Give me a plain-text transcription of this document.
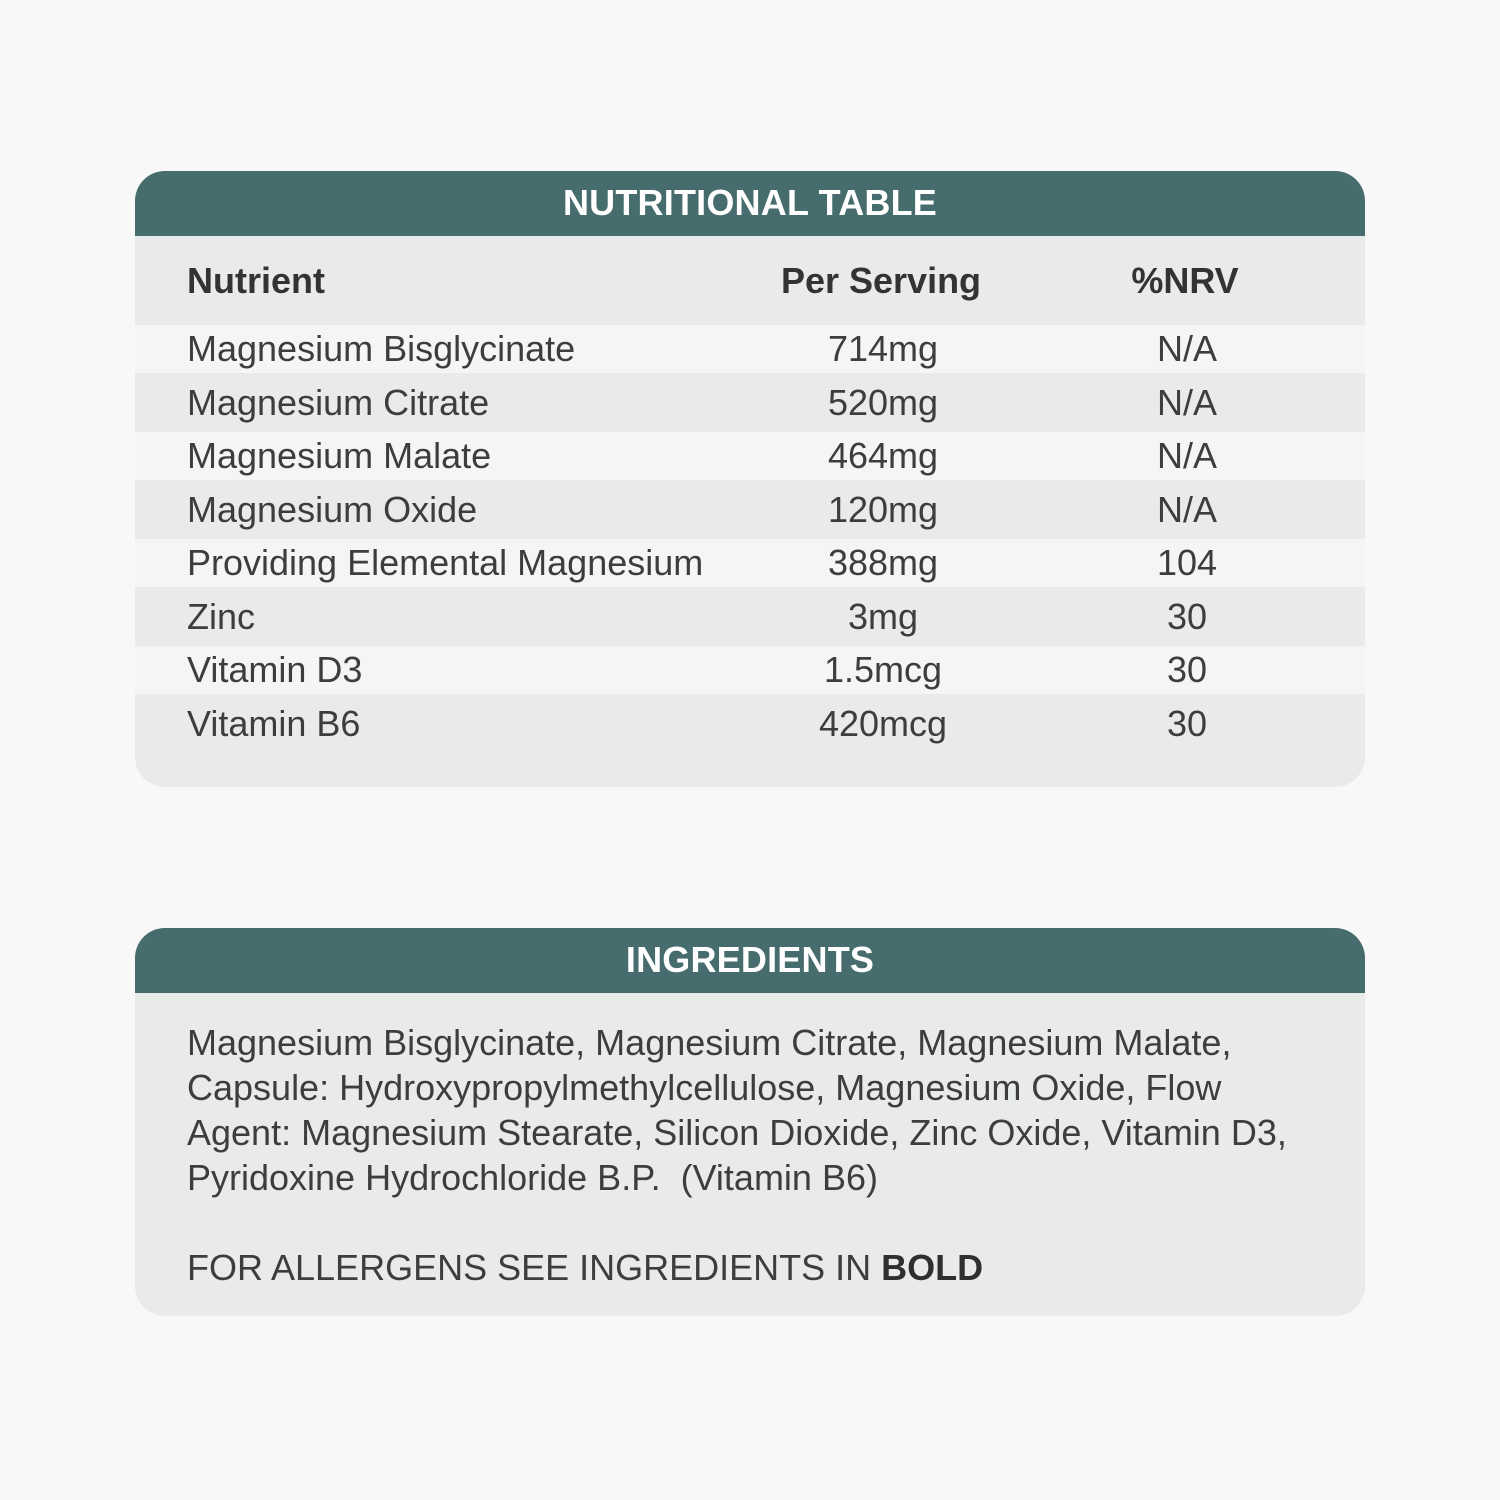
NUTRITIONAL TABLE
Nutrient	Per Serving	%NRV
Magnesium Bisglycinate	714mg	N/A
Magnesium Citrate	520mg	N/A
Magnesium Malate	464mg	N/A
Magnesium Oxide	120mg	N/A
Providing Elemental Magnesium	388mg	104
Zinc	3mg	30
Vitamin D3	1.5mcg	30
Vitamin B6	420mcg	30
INGREDIENTS
Magnesium Bisglycinate, Magnesium Citrate, Magnesium Malate,
Capsule: Hydroxypropylmethylcellulose, Magnesium Oxide, Flow
Agent: Magnesium Stearate, Silicon Dioxide, Zinc Oxide, Vitamin D3,
Pyridoxine Hydrochloride B.P.  (Vitamin B6)
FOR ALLERGENS SEE INGREDIENTS IN BOLD
